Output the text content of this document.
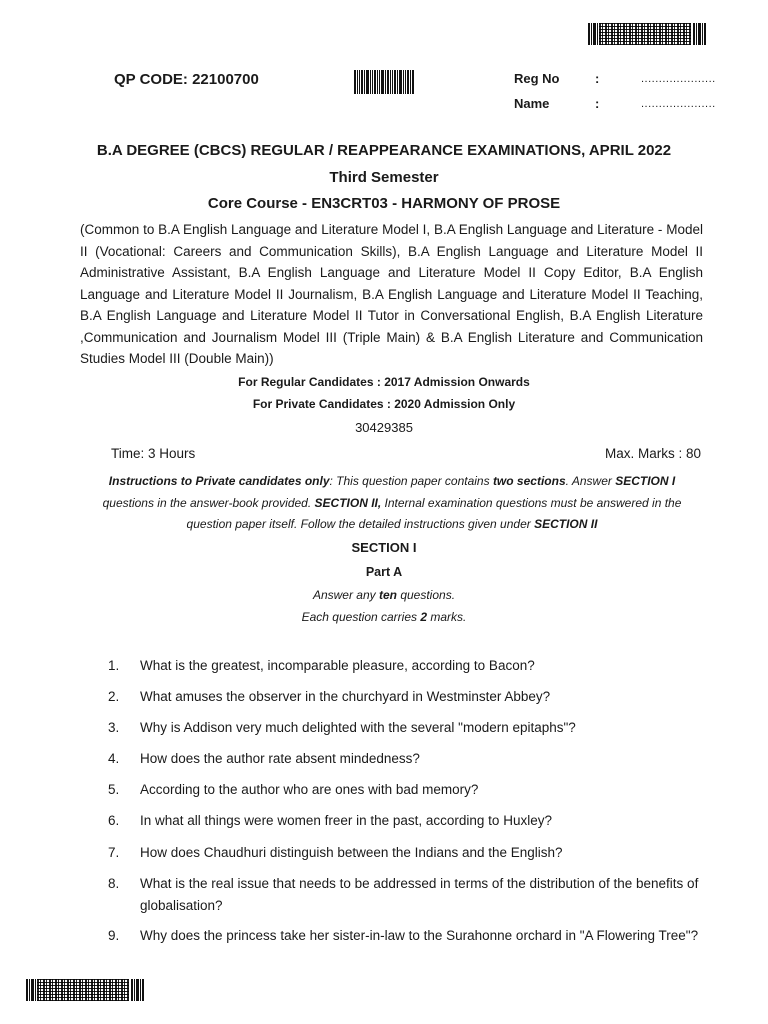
QP CODE: 22100700	Reg No	:	.....................
Name	:	.....................
B.A DEGREE (CBCS) REGULAR / REAPPEARANCE EXAMINATIONS, APRIL 2022
Third Semester
Core Course - EN3CRT03 - HARMONY OF PROSE
(Common to B.A English Language and Literature Model I, B.A English Language and Literature - Model II (Vocational: Careers and Communication Skills), B.A English Language and Literature Model II Administrative Assistant, B.A English Language and Literature Model II Copy Editor, B.A English Language and Literature Model II Journalism, B.A English Language and Literature Model II Teaching, B.A English Language and Literature Model II Tutor in Conversational English, B.A English Literature ,Communication and Journalism Model III (Triple Main) & B.A English Literature and Communication Studies Model III (Double Main))
For Regular Candidates : 2017 Admission Onwards
For Private Candidates : 2020 Admission Only
30429385
Time: 3 Hours	Max. Marks : 80
Instructions to Private candidates only: This question paper contains two sections. Answer SECTION I questions in the answer-book provided. SECTION II, Internal examination questions must be answered in the question paper itself. Follow the detailed instructions given under SECTION II
SECTION I
Part A
Answer any ten questions.
Each question carries 2 marks.
1.	What is the greatest, incomparable pleasure, according to Bacon?
2.	What amuses the observer in the churchyard in Westminster Abbey?
3.	Why is Addison very much delighted with the several "modern epitaphs"?
4.	How does the author rate absent mindedness?
5.	According to the author who are ones with bad memory?
6.	In what all things were women freer in the past, according to Huxley?
7.	How does Chaudhuri distinguish between the Indians and the English?
8.	What is the real issue that needs to be addressed in terms of the distribution of the benefits of globalisation?
9.	Why does the princess take her sister-in-law to the Surahonne orchard in "A Flowering Tree"?
